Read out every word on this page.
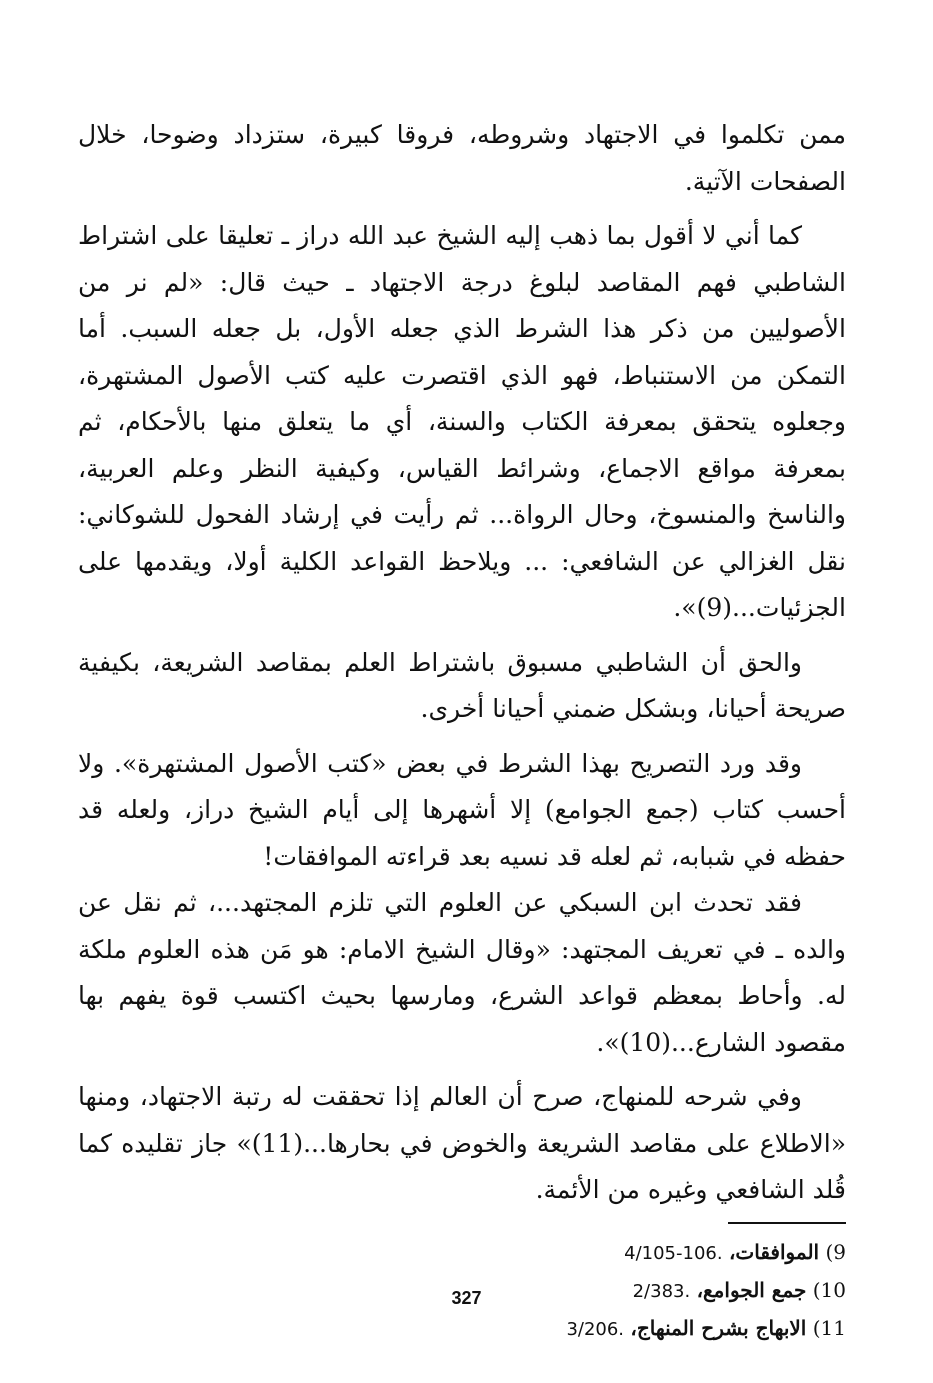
ممن تكلموا في الاجتهاد وشروطه، فروقا كبيرة، ستزداد وضوحا، خلال الصفحات الآتية.

كما أني لا أقول بما ذهب إليه الشيخ عبد الله دراز ـ تعليقا على اشتراط الشاطبي فهم المقاصد لبلوغ درجة الاجتهاد ـ حيث قال: «لم نر من الأصوليين من ذكر هذا الشرط الذي جعله الأول، بل جعله السبب. أما التمكن من الاستنباط، فهو الذي اقتصرت عليه كتب الأصول المشتهرة، وجعلوه يتحقق بمعرفة الكتاب والسنة، أي ما يتعلق منها بالأحكام، ثم بمعرفة مواقع الاجماع، وشرائط القياس، وكيفية النظر وعلم العربية، والناسخ والمنسوخ، وحال الرواة... ثم رأيت في إرشاد الفحول للشوكاني: نقل الغزالي عن الشافعي: ... ويلاحظ القواعد الكلية أولا، ويقدمها على الجزئيات...(9)».

والحق أن الشاطبي مسبوق باشتراط العلم بمقاصد الشريعة، بكيفية صريحة أحيانا، وبشكل ضمني أحيانا أخرى.

وقد ورد التصريح بهذا الشرط في بعض «كتب الأصول المشتهرة». ولا أحسب كتاب (جمع الجوامع) إلا أشهرها إلى أيام الشيخ دراز، ولعله قد حفظه في شبابه، ثم لعله قد نسيه بعد قراءته الموافقات!

فقد تحدث ابن السبكي عن العلوم التي تلزم المجتهد...، ثم نقل عن والده ـ في تعريف المجتهد: «وقال الشيخ الامام: هو مَن هذه العلوم ملكة له. وأحاط بمعظم قواعد الشرع، ومارسها بحيث اكتسب قوة يفهم بها مقصود الشارع...(10)».

وفي شرحه للمنهاج، صرح أن العالم إذا تحققت له رتبة الاجتهاد، ومنها «الاطلاع على مقاصد الشريعة والخوض في بحارها...(11)» جاز تقليده كما قُلد الشافعي وغيره من الأئمة.

9) الموافقات، 4/105-106.

10) جمع الجوامع، 2/383.

11) الابهاج بشرح المنهاج، 3/206.

327
